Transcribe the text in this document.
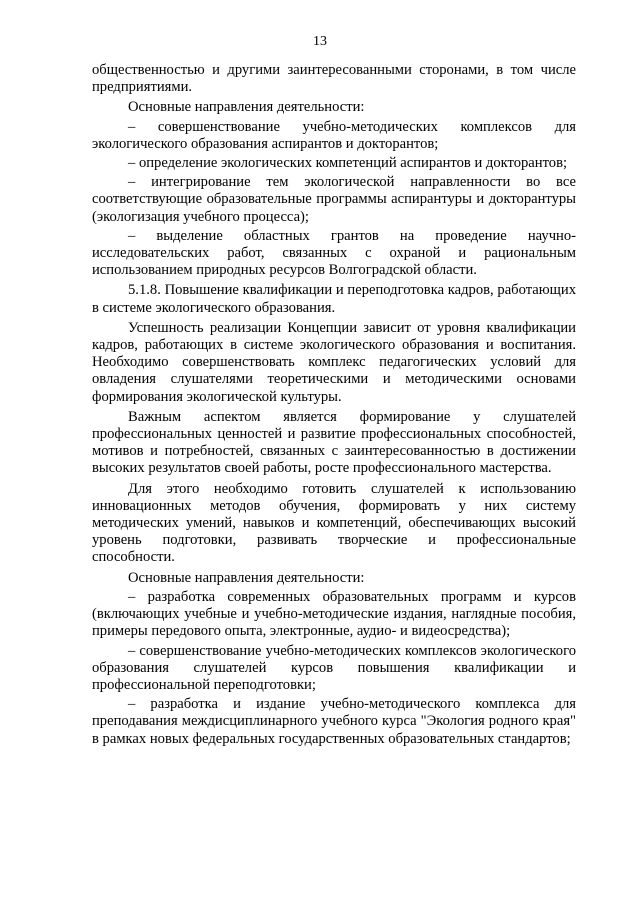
13

общественностью и другими заинтересованными сторонами, в том числе предприятиями.

Основные направления деятельности:

– совершенствование учебно-методических комплексов для экологического образования аспирантов и докторантов;

– определение экологических компетенций аспирантов и докторантов;

– интегрирование тем экологической направленности во все соответствующие образовательные программы аспирантуры и докторантуры (экологизация учебного процесса);

– выделение областных грантов на проведение научно-исследовательских работ, связанных с охраной и рациональным использованием природных ресурсов Волгоградской области.

5.1.8. Повышение квалификации и переподготовка кадров, работающих в системе экологического образования.

Успешность реализации Концепции зависит от уровня квалификации кадров, работающих в системе экологического образования и воспитания. Необходимо совершенствовать комплекс педагогических условий для овладения слушателями теоретическими и методическими основами формирования экологической культуры.

Важным аспектом является формирование у слушателей профессиональных ценностей и развитие профессиональных способностей, мотивов и потребностей, связанных с заинтересованностью в достижении высоких результатов своей работы, росте профессионального мастерства.

Для этого необходимо готовить слушателей к использованию инновационных методов обучения, формировать у них систему методических умений, навыков и компетенций, обеспечивающих высокий уровень подготовки, развивать творческие и профессиональные способности.

Основные направления деятельности:

– разработка современных образовательных программ и курсов (включающих учебные и учебно-методические издания, наглядные пособия, примеры передового опыта, электронные, аудио- и видеосредства);

– совершенствование учебно-методических комплексов экологического образования слушателей курсов повышения квалификации и профессиональной переподготовки;

– разработка и издание учебно-методического комплекса для преподавания междисциплинарного учебного курса "Экология родного края" в рамках новых федеральных государственных образовательных стандартов;
